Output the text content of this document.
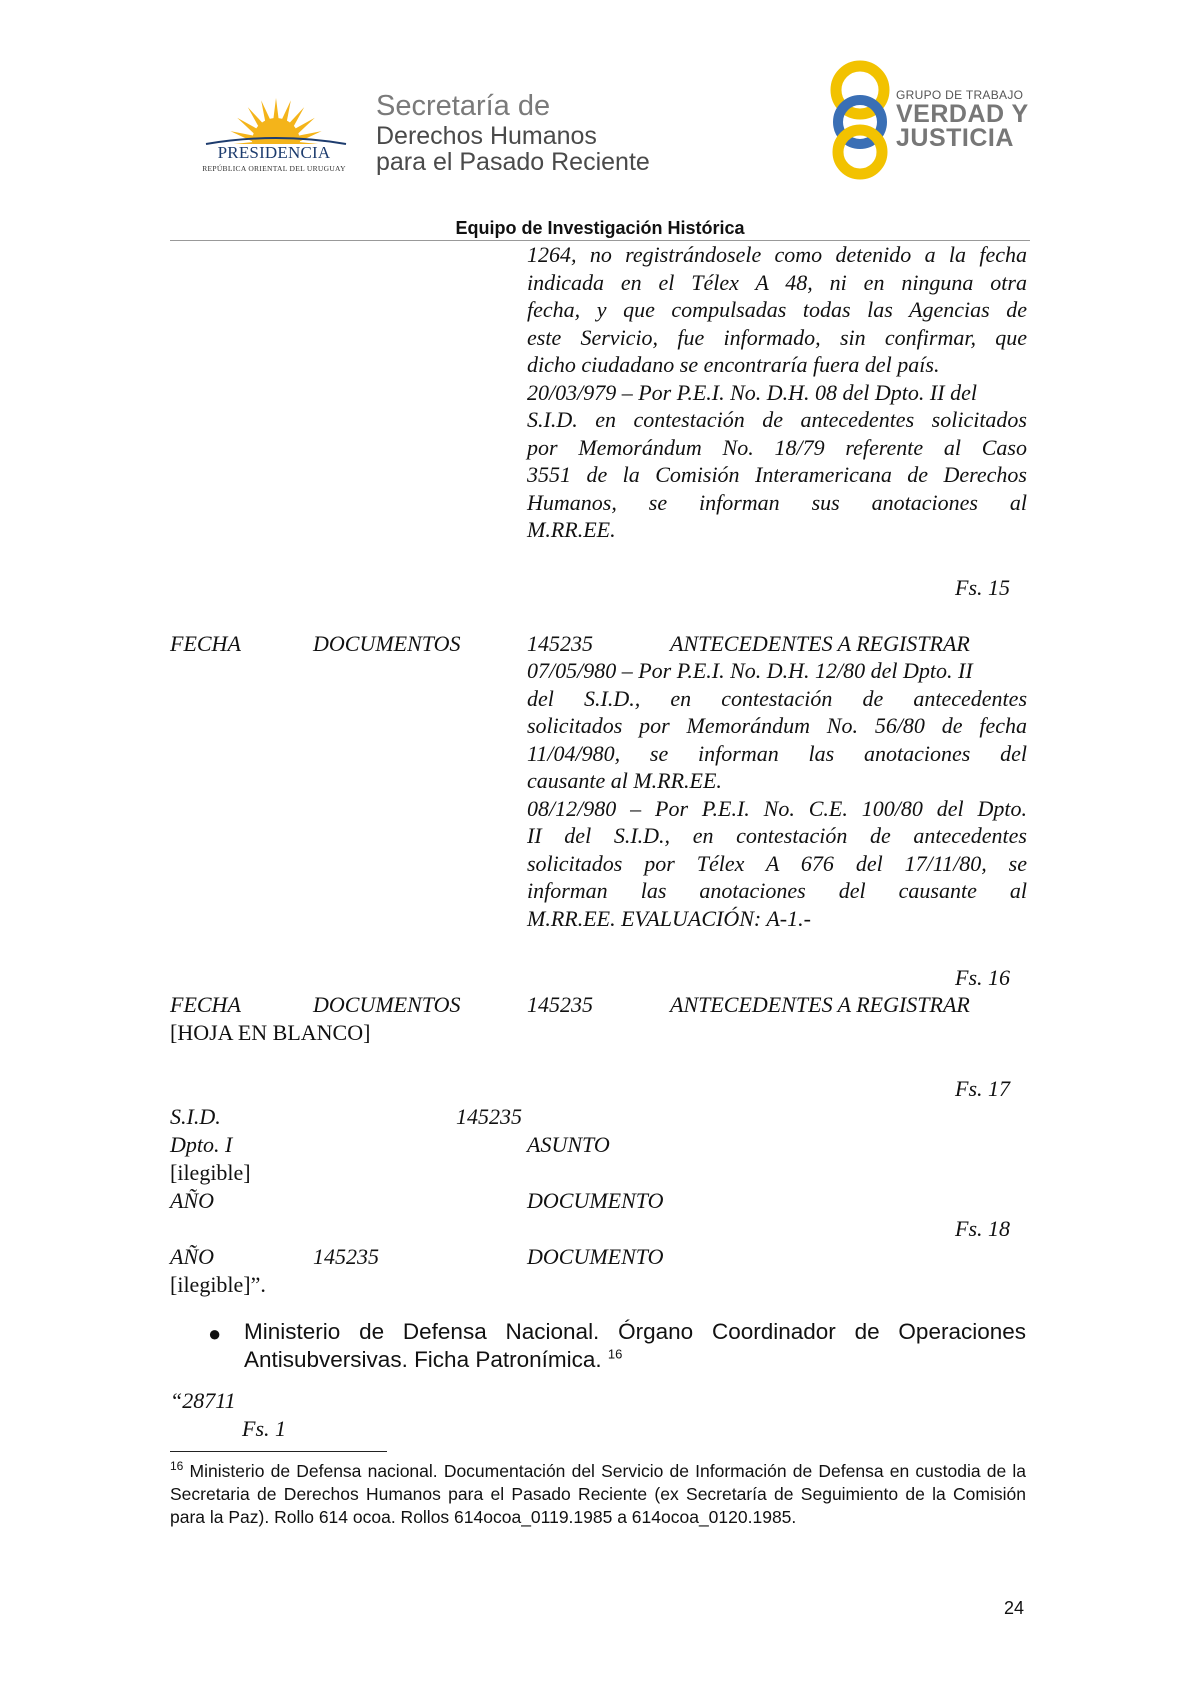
PRESIDENCIA
REPÚBLICA ORIENTAL DEL URUGUAY
Secretaría de
Derechos Humanos
para el Pasado Reciente
GRUPO DE TRABAJO
VERDAD Y
JUSTICIA
Equipo de Investigación Histórica
1264, no registrándosele como detenido a la fecha
indicada en el Télex A 48, ni en ninguna otra
fecha, y que compulsadas todas las Agencias de
este Servicio, fue informado, sin confirmar, que
dicho ciudadano se encontraría fuera del país.
20/03/979 – Por P.E.I. No. D.H. 08 del Dpto. II del
S.I.D. en contestación de antecedentes solicitados
por Memorándum No. 18/79 referente al Caso
3551 de la Comisión Interamericana de Derechos
Humanos, se informan sus anotaciones al
M.RR.EE.
Fs. 15
FECHA	DOCUMENTOS	145235	ANTECEDENTES A REGISTRAR
07/05/980 – Por P.E.I. No. D.H. 12/80 del Dpto. II
del S.I.D., en contestación de antecedentes
solicitados por Memorándum No. 56/80 de fecha
11/04/980, se informan las anotaciones del
causante al M.RR.EE.
08/12/980 – Por P.E.I. No. C.E. 100/80 del Dpto.
II del S.I.D., en contestación de antecedentes
solicitados por Télex A 676 del 17/11/80, se
informan las anotaciones del causante al
M.RR.EE. EVALUACIÓN: A-1.-
Fs. 16
FECHA	DOCUMENTOS	145235	ANTECEDENTES A REGISTRAR
[HOJA EN BLANCO]
Fs. 17
S.I.D.	145235
Dpto. I	ASUNTO
[ilegible]
AÑO	DOCUMENTO
Fs. 18
AÑO	145235	DOCUMENTO
[ilegible]”.
● Ministerio de Defensa Nacional. Órgano Coordinador de Operaciones
Antisubversivas. Ficha Patronímica. $^{16}$
“28711
Fs. 1
$^{16}$ Ministerio de Defensa nacional. Documentación del Servicio de Información de Defensa en custodia de la Secretaria de Derechos Humanos para el Pasado Reciente (ex Secretaría de Seguimiento de la Comisión para la Paz). Rollo 614 ocoa. Rollos 614ocoa_0119.1985 a 614ocoa_0120.1985.
24
